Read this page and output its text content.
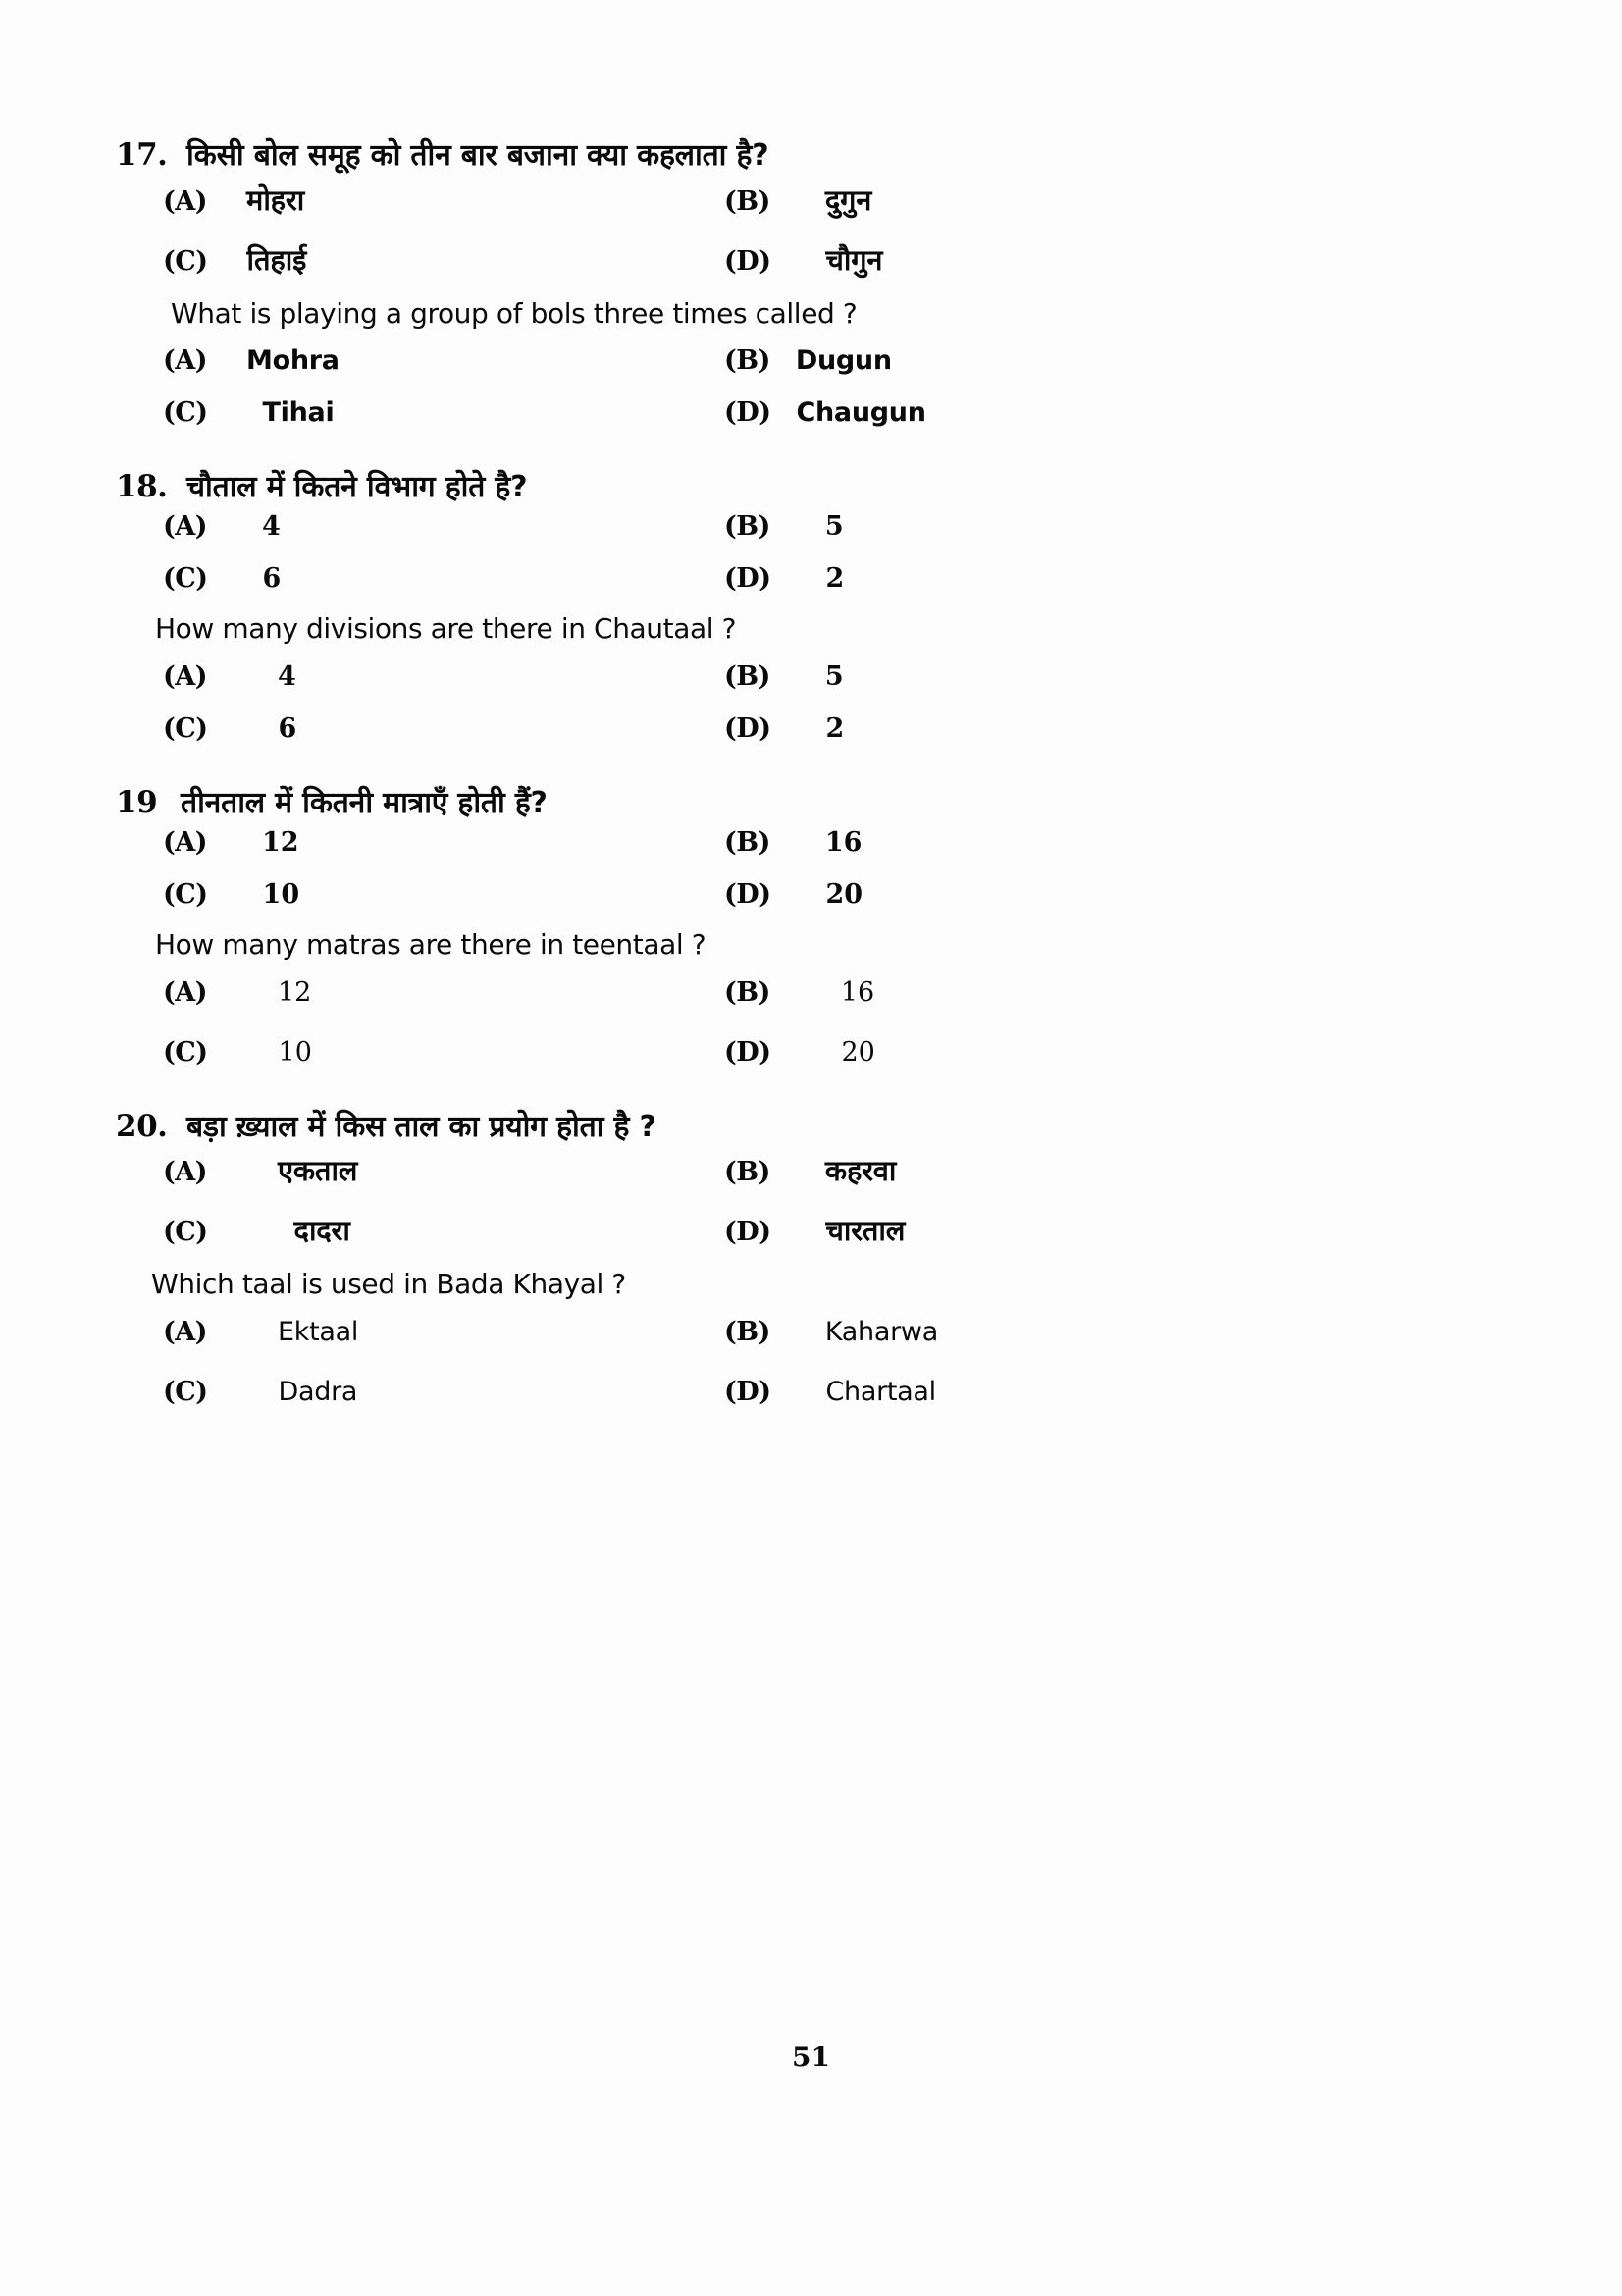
17. किसी बोल समूह को तीन बार बजाना क्या कहलाता है?
(A) मोहरा	(B) दुगुन
(C) तिहाई	(D) चौगुन
What is playing a group of bols three times called ?
(A) Mohra	(B) Dugun
(C) Tihai	(D) Chaugun
18. चौताल में कितने विभाग होते है?
(A) 4	(B) 5
(C) 6	(D) 2
How many divisions are there in Chautaal ?
(A)	4	(B) 5
(C)	6	(D) 2
19 तीनताल में कितनी मात्राएँ होती हैं?
(A) 12	(B) 16
(C) 10	(D) 20
How many matras are there in teentaal ?
(A)	12	(B)	16
(C)	10	(D)	20
20. बड़ा ख़्याल में किस ताल का प्रयोग होता है ?
(A) एकताल	(B) कहरवा
(C)	दादरा	(D) चारताल
Which taal is used in Bada Khayal ?
(A)	Ektaal	(B) Kaharwa
(C)	Dadra	(D) Chartaal
51
